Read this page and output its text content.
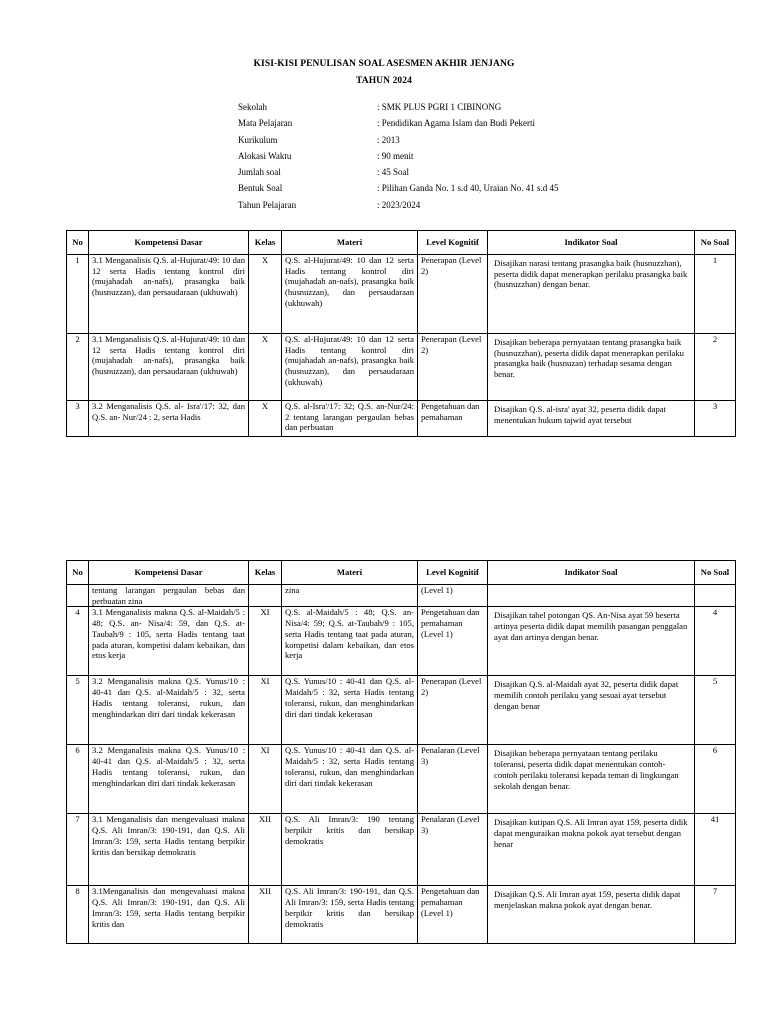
KISI-KISI PENULISAN SOAL ASESMEN AKHIR JENJANG
TAHUN 2024
Sekolah	: SMK PLUS PGRI 1 CIBINONG
Mata Pelajaran	: Pendidikan Agama Islam dan Budi Pekerti
Kurikulum	: 2013
Alokasi Waktu	: 90 menit
Jumlah soal	: 45 Soal
Bentuk Soal	: Pilihan Ganda No. 1 s.d 40, Uraian No. 41 s.d 45
Tahun Pelajaran	: 2023/2024
No	Kompetensi Dasar	Kelas	Materi	Level Kognitif	Indikator Soal	No Soal
1	3.1 Menganalisis Q.S. al-Hujurat/49: 10 dan 12 serta Hadis tentang kontrol diri (mujahadah an-nafs), prasangka baik (husnuzzan), dan persaudaraan (ukhuwah)	X	Q.S. al-Hujurat/49: 10 dan 12 serta Hadis tentang kontrol diri (mujahadah an-nafs), prasangka baik (husnuzzan), dan persaudaraan (ukhuwah)	Penerapan (Level 2)	Disajikan narasi tentang prasangka baik (husnuzzhan), peserta didik dapat menerapkan perilaku prasangka baik (husnuzzhan) dengan benar.	1
2	3.1 Menganalisis Q.S. al-Hujurat/49: 10 dan 12 serta Hadis tentang kontrol diri (mujahadah an-nafs), prasangka baik (husnuzzan), dan persaudaraan (ukhuwah)	X	Q.S. al-Hujurat/49: 10 dan 12 serta Hadis tentang kontrol diri (mujahadah an-nafs), prasangka baik (husnuzzan), dan persaudaraan (ukhuwah)	Penerapan (Level 2)	Disajikan beberapa pernyataan tentang prasangka baik (husnuzzhan), peserta didik dapat menerapkan perilaku prasangka baik (husnuzan) terhadap sesama dengan benar.	2
3	3.2 Menganalisis Q.S. al- Isra'/17: 32, dan Q.S. an- Nur/24 : 2, serta Hadis	X	Q.S. al-Isra'/17: 32; Q.S. an-Nur/24: 2 tentang larangan pergaulan bebas dan perbuatan	Pengetahuan dan pemahaman	Disajikan Q.S. al-isra' ayat 32, peserta didik dapat menentukan hukum tajwid ayat tersebut	3
No	Kompetensi Dasar	Kelas	Materi	Level Kognitif	Indikator Soal	No Soal
	tentang larangan pergaulan bebas dan perbuatan zina		zina	(Level 1)		
4	3.1 Menganalisis makna Q.S. al-Maidah/5 : 48; Q.S. an- Nisa/4: 59, dan Q.S. at- Taubah/9 : 105, serta Hadis tentang taat pada aturan, kompetisi dalam kebaikan, dan etos kerja	XI	Q.S. al-Maidah/5 : 48; Q.S. an-Nisa/4: 59; Q.S. at-Taubah/9 : 105, serta Hadis tentang taat pada aturan, kompetisi dalam kebaikan, dan etos kerja	Pengetahuan dan pemahaman (Level 1)	Disajikan tabel potongan QS. An-Nisa ayat 59 beserta artinya peserta didik dapat memilih pasangan penggalan ayat dan artinya dengan benar.	4
5	3.2 Menganalisis makna Q.S. Yunus/10 : 40-41 dan Q.S. al-Maidah/5 : 32, serta Hadis tentang toleransi, rukun, dan menghindarkan diri dari tindak kekerasan	XI	Q.S. Yunus/10 : 40-41 dan Q.S. al-Maidah/5 : 32, serta Hadis tentang toleransi, rukun, dan menghindarkan diri dari tindak kekerasan	Penerapan (Level 2)	Disajikan Q.S. al-Maidah ayat 32, peserta didik dapat memilih contoh perilaku yang sesuai ayat tersebut dengan benar	5
6	3.2 Menganalisis makna Q.S. Yunus/10 : 40-41 dan Q.S. al-Maidah/5 : 32, serta Hadis tentang toleransi, rukun, dan menghindarkan diri dari tindak kekerasan	XI	Q.S. Yunus/10 : 40-41 dan Q.S. al-Maidah/5 : 32, serta Hadis tentang toleransi, rukun, dan menghindarkan diri dari tindak kekerasan	Penalaran (Level 3)	Disajikan beberapa pernyataan tentang perilaku toleransi, peserta didik dapat menentukan contoh-contoh perilaku toleransi kepada teman di lingkungan sekolah dengan benar.	6
7	3.1 Menganalisis dan mengevaluasi makna Q.S. Ali Imran/3: 190-191, dan Q.S. Ali Imran/3: 159, serta Hadis tentang berpikir kritis dan bersikap demokratis	XII	Q.S. Ali Imran/3: 190 tentang berpikir kritis dan bersikap demokratis	Penalaran (Level 3)	Disajikan kutipan Q.S. Ali Imran ayat 159, peserta didik dapat menguraikan makna pokok ayat tersebut dengan benar	41
8	3.1Menganalisis dan mengevaluasi makna Q.S. Ali Imran/3: 190-191, dan Q.S. Ali Imran/3: 159, serta Hadis tentang berpikir kritis dan	XII	Q.S. Ali Imran/3: 190-191, dan Q.S. Ali Imran/3: 159, serta Hadis tentang berpikir kritis dan bersikap demokratis	Pengetahuan dan pemahaman (Level 1)	Disajikan Q.S. Ali Imran ayat 159, peserta didik dapat menjelaskan makna pokok ayat dengan benar.	7
